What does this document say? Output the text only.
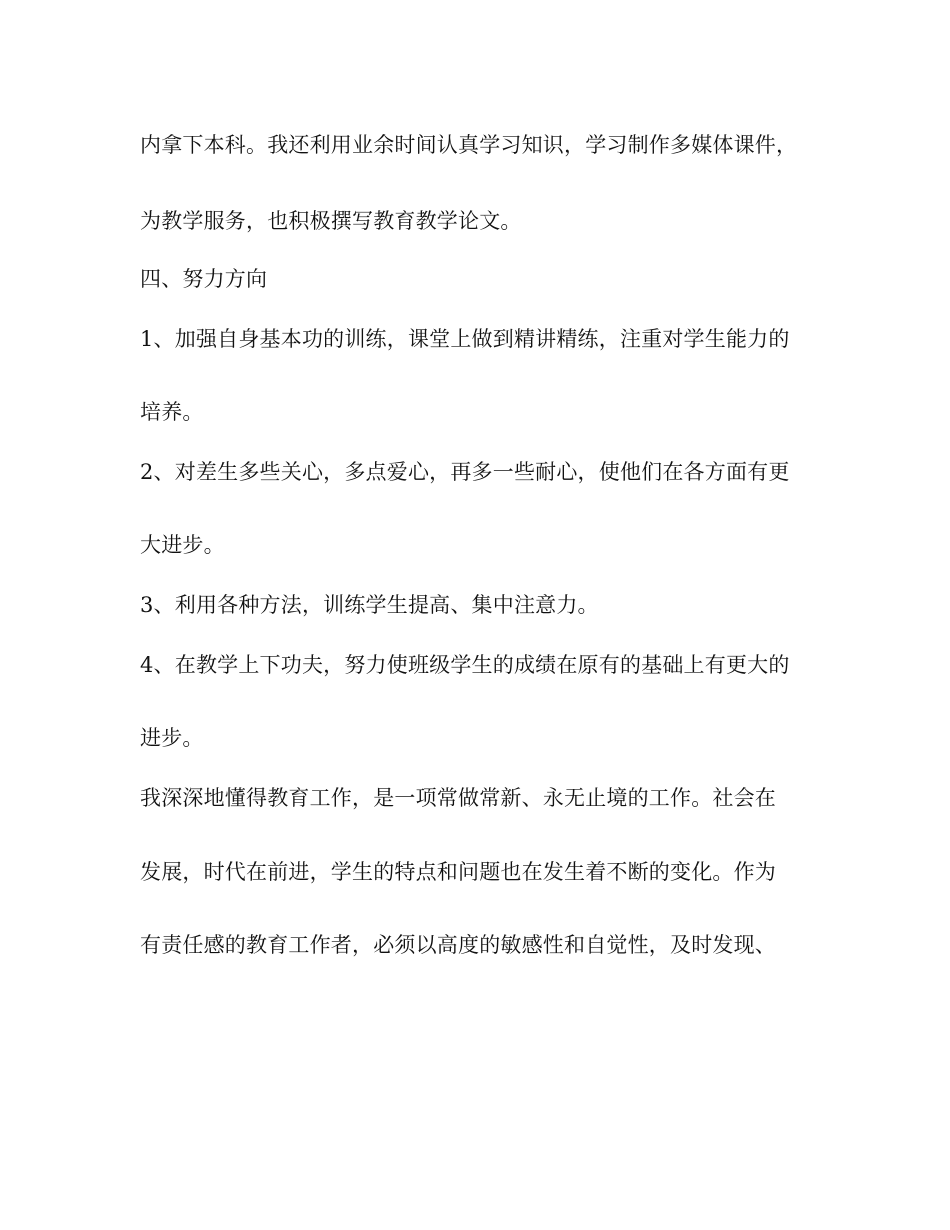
内拿下本科。我还利用业余时间认真学习知识，学习制作多媒体课件，
为教学服务，也积极撰写教育教学论文。
四、努力方向
1、加强自身基本功的训练，课堂上做到精讲精练，注重对学生能力的
培养。
2、对差生多些关心，多点爱心，再多一些耐心，使他们在各方面有更
大进步。
3、利用各种方法，训练学生提高、集中注意力。
4、在教学上下功夫，努力使班级学生的成绩在原有的基础上有更大的
进步。
我深深地懂得教育工作，是一项常做常新、永无止境的工作。社会在
发展，时代在前进，学生的特点和问题也在发生着不断的变化。作为
有责任感的教育工作者，必须以高度的敏感性和自觉性，及时发现、
